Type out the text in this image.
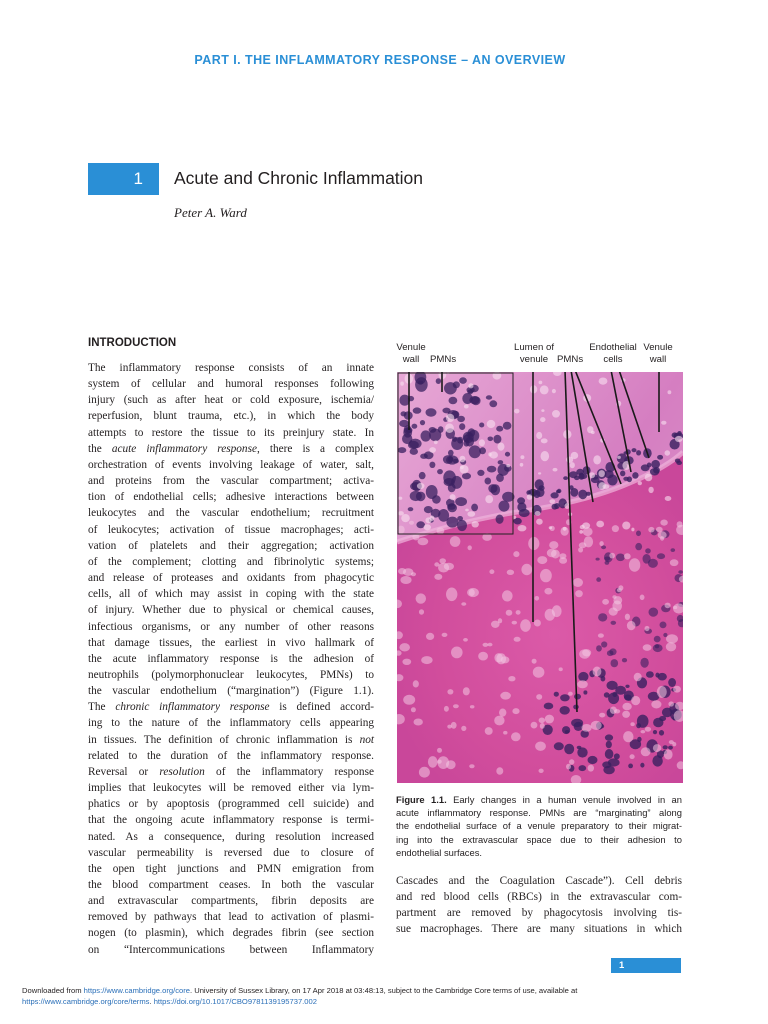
PART I. THE INFLAMMATORY RESPONSE – AN OVERVIEW
1	Acute and Chronic Inflammation
Peter A. Ward
INTRODUCTION
The inflammatory response consists of an innate
system of cellular and humoral responses following
injury (such as after heat or cold exposure, ischemia/
reperfusion, blunt trauma, etc.), in which the body
attempts to restore the tissue to its preinjury state. In
the acute inflammatory response, there is a complex
orchestration of events involving leakage of water, salt,
and proteins from the vascular compartment; activa-
tion of endothelial cells; adhesive interactions between
leukocytes and the vascular endothelium; recruitment
of leukocytes; activation of tissue macrophages; acti-
vation of platelets and their aggregation; activation
of the complement; clotting and fibrinolytic systems;
and release of proteases and oxidants from phagocytic
cells, all of which may assist in coping with the state
of injury. Whether due to physical or chemical causes,
infectious organisms, or any number of other reasons
that damage tissues, the earliest in vivo hallmark of
the acute inflammatory response is the adhesion of
neutrophils (polymorphonuclear leukocytes, PMNs) to
the vascular endothelium (“margination”) (Figure 1.1).
The chronic inflammatory response is defined accord-
ing to the nature of the inflammatory cells appearing
in tissues. The definition of chronic inflammation is not
related to the duration of the inflammatory response.
Reversal or resolution of the inflammatory response
implies that leukocytes will be removed either via lym-
phatics or by apoptosis (programmed cell suicide) and
that the ongoing acute inflammatory response is termi-
nated. As a consequence, during resolution increased
vascular permeability is reversed due to closure of
the open tight junctions and PMN emigration from
the blood compartment ceases. In both the vascular
and extravascular compartments, fibrin deposits are
removed by pathways that lead to activation of plasmi-
nogen (to plasmin), which degrades fibrin (see section
on “Intercommunications between Inflammatory
Venule
wall	PMNs
Lumen of
venule PMNs
Endothelial
cells
Venule
wall
Figure 1.1. Early changes in a human venule involved in an
acute inflammatory response. PMNs are “marginating” along
the endothelial surface of a venule preparatory to their migrat-
ing into the extravascular space due to their adhesion to
endothelial surfaces.
Cascades and the Coagulation Cascade”). Cell debris
and red blood cells (RBCs) in the extravascular com-
partment are removed by phagocytosis involving tis-
sue macrophages. There are many situations in which
1
Downloaded from https://www.cambridge.org/core. University of Sussex Library, on 17 Apr 2018 at 03:48:13, subject to the Cambridge Core terms of use, available at
https://www.cambridge.org/core/terms. https://doi.org/10.1017/CBO9781139195737.002
